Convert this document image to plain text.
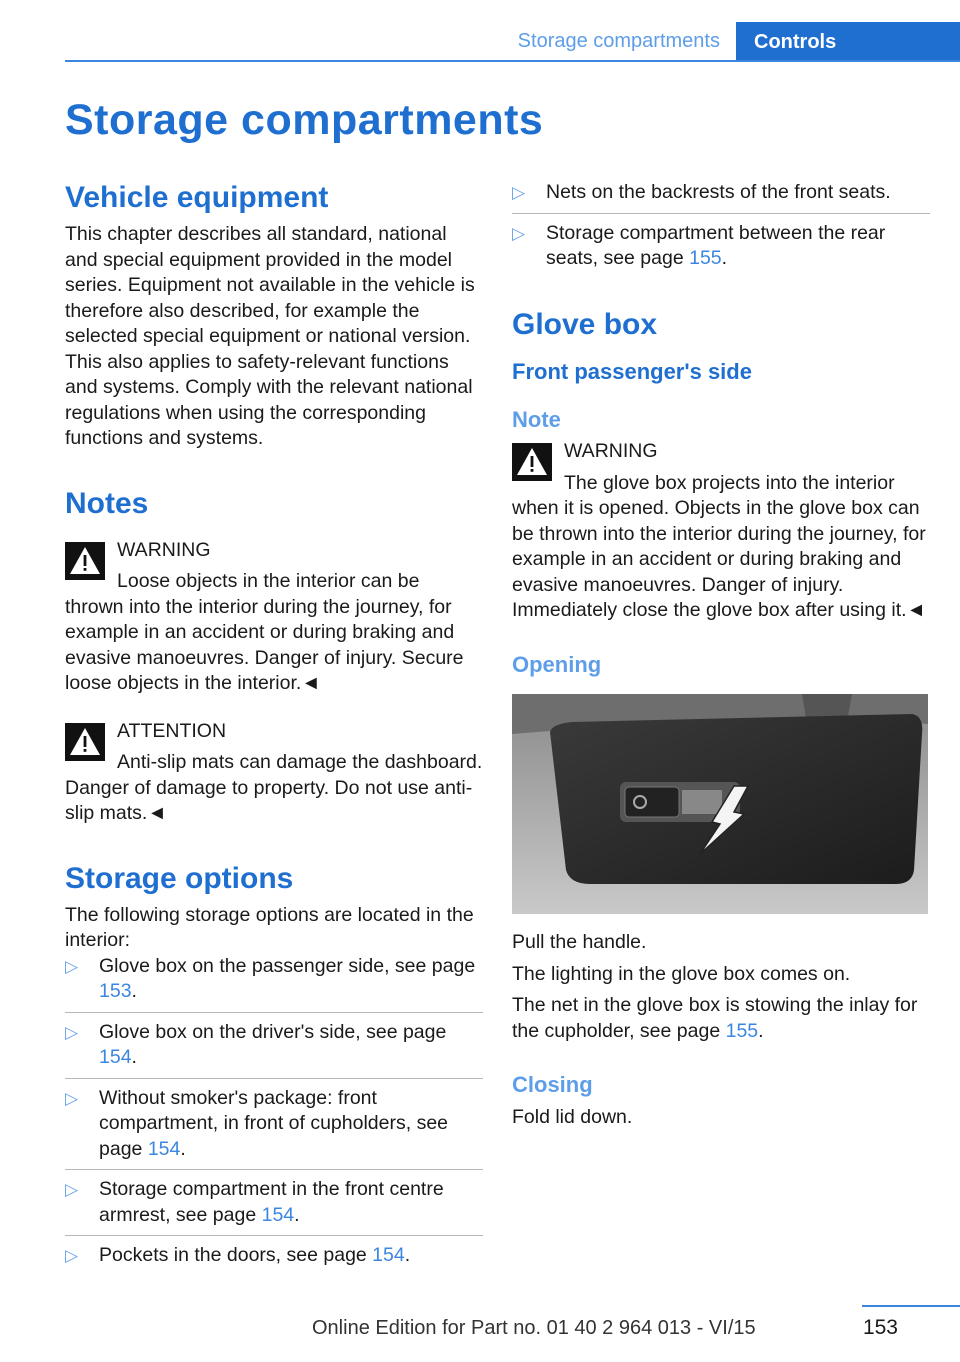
Storage compartments	Controls
Storage compartments
Vehicle equipment

This chapter describes all standard, national and special equipment provided in the model series. Equipment not available in the vehicle is therefore also described, for example the selected special equipment or national version. This also applies to safety-relevant functions and systems. Comply with the relevant national regulations when using the corresponding functions and systems.

Notes
WARNING
Loose objects in the interior can be thrown into the interior during the journey, for example in an accident or during braking and evasive manoeuvres. Danger of injury. Secure loose objects in the interior.◄
ATTENTION
Anti-slip mats can damage the dashboard. Danger of damage to property. Do not use anti-slip mats.◄
Storage options

The following storage options are located in the interior:

▷ Glove box on the passenger side, see page 153.
▷ Glove box on the driver's side, see page 154.
▷ Without smoker's package: front compartment, in front of cupholders, see page 154.
▷ Storage compartment in the front centre armrest, see page 154.
▷ Pockets in the doors, see page 154.
▷ Nets on the backrests of the front seats.
▷ Storage compartment between the rear seats, see page 155.
Glove box
Front passenger's side
Note
WARNING
The glove box projects into the interior when it is opened. Objects in the glove box can be thrown into the interior during the journey, for example in an accident or during braking and evasive manoeuvres. Danger of injury. Immediately close the glove box after using it.◄
Opening

Pull the handle.

The lighting in the glove box comes on.

The net in the glove box is stowing the inlay for the cupholder, see page 155.

Closing

Fold lid down.

153
Online Edition for Part no. 01 40 2 964 013 - VI/15
